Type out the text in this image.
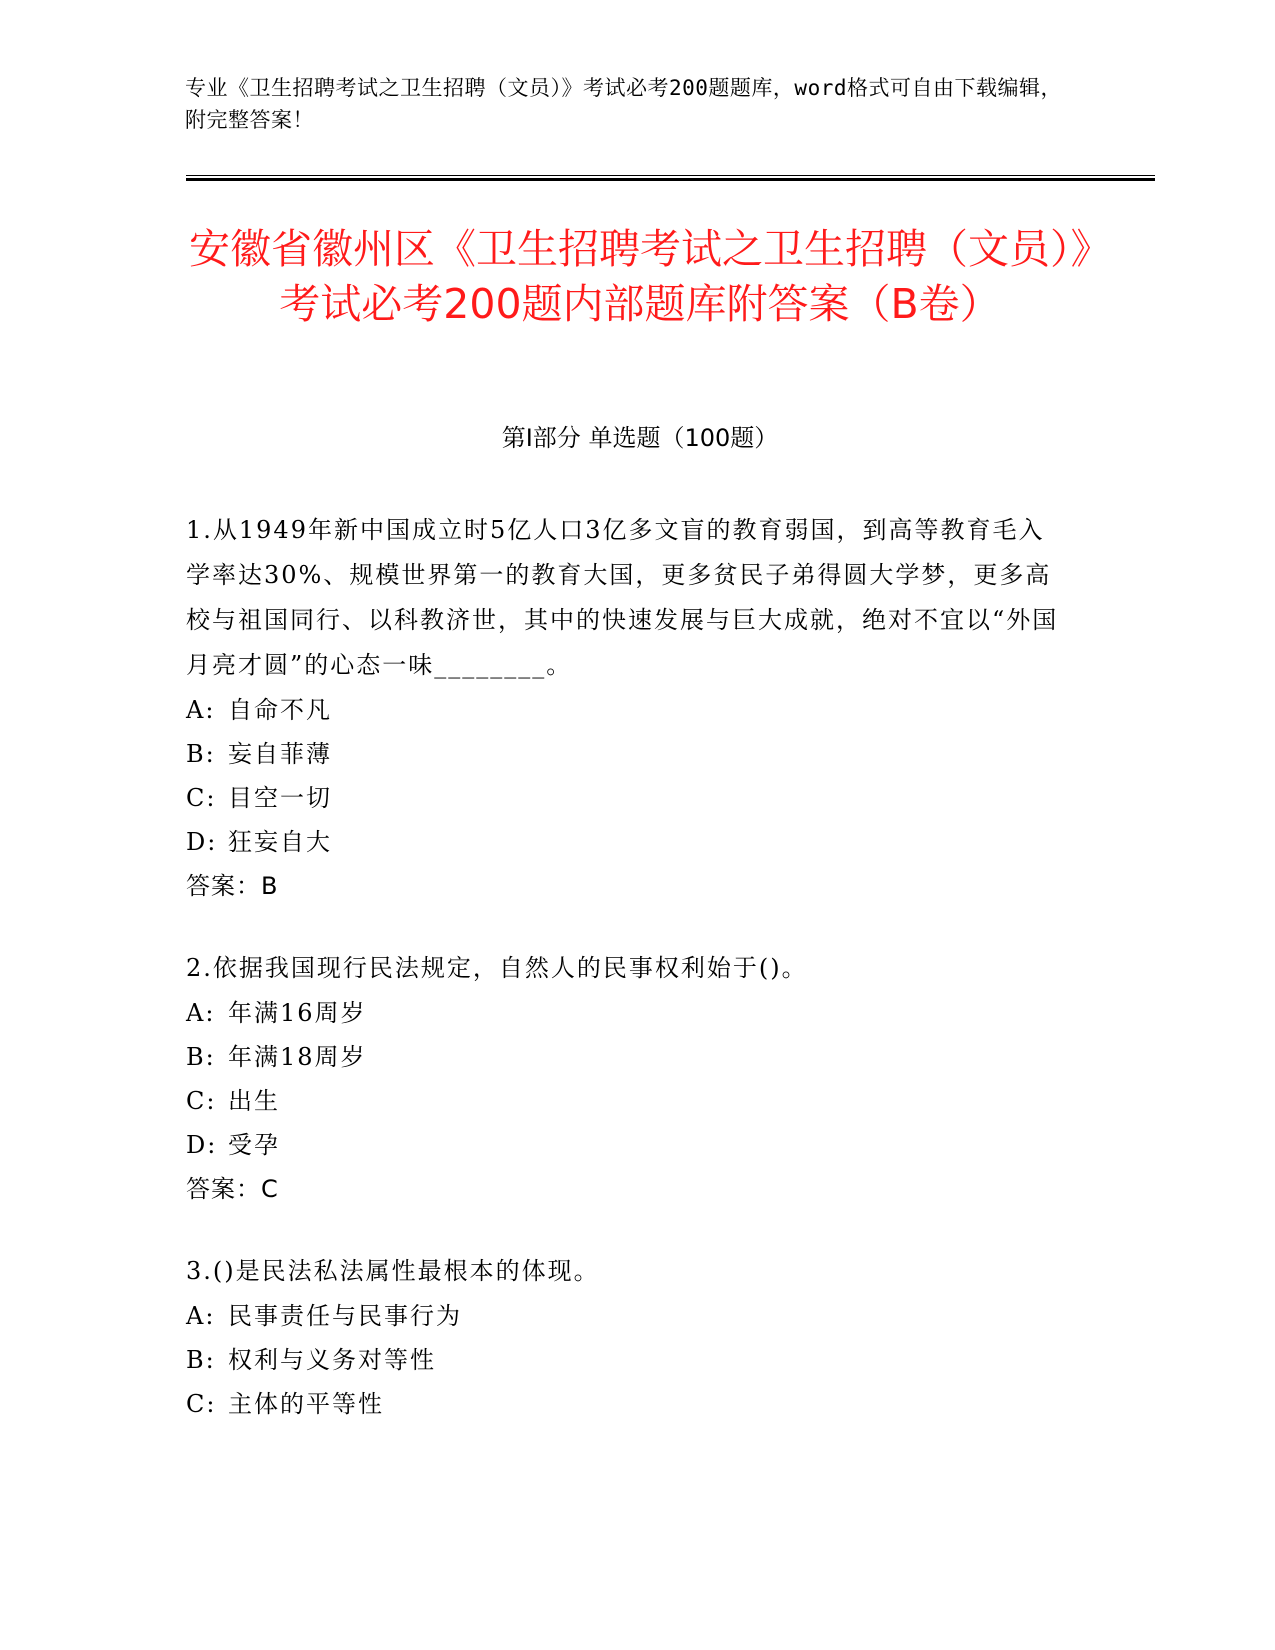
专业《卫生招聘考试之卫生招聘（文员）》考试必考200题题库，word格式可自由下载编辑，附完整答案！
安徽省徽州区《卫生招聘考试之卫生招聘（文员）》考试必考200题内部题库附答案（B卷）
第I部分 单选题（100题）

1.从1949年新中国成立时5亿人口3亿多文盲的教育弱国，到高等教育毛入学率达30%、规模世界第一的教育大国，更多贫民子弟得圆大学梦，更多高校与祖国同行、以科教济世，其中的快速发展与巨大成就，绝对不宜以“外国月亮才圆”的心态一味________。

A: 自命不凡
B: 妄自菲薄
C: 目空一切
D: 狂妄自大
答案：B

2.依据我国现行民法规定，自然人的民事权利始于()。

A: 年满16周岁
B: 年满18周岁
C: 出生
D: 受孕
答案：C

3.()是民法私法属性最根本的体现。

A: 民事责任与民事行为
B: 权利与义务对等性
C: 主体的平等性
